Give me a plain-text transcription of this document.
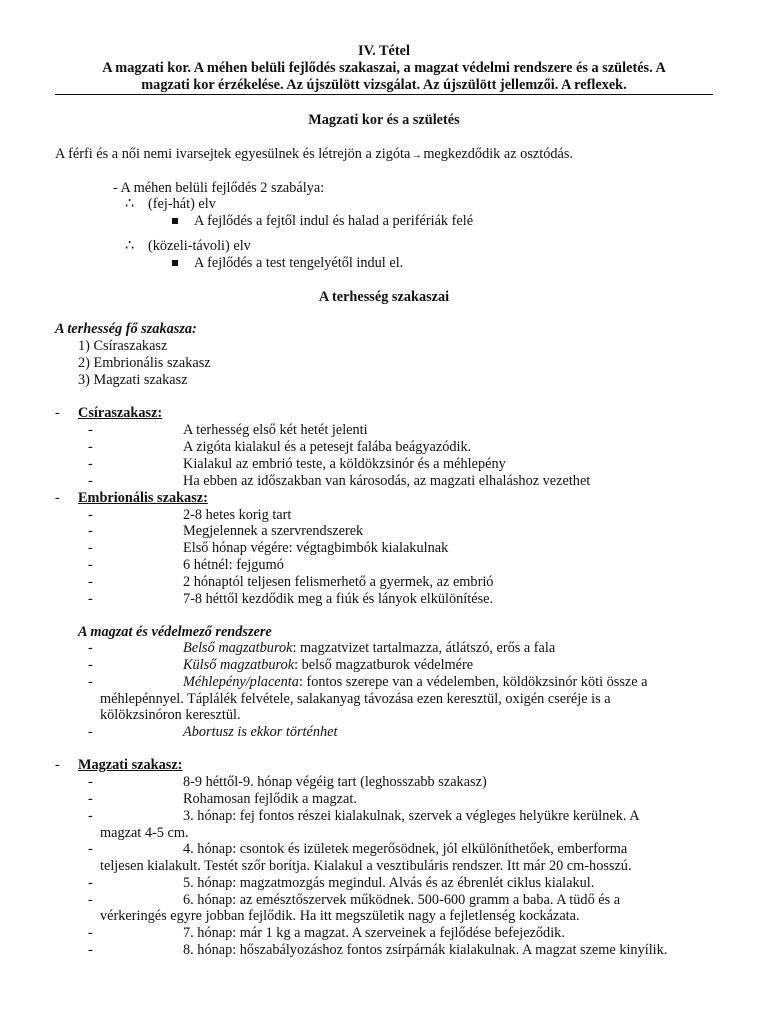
IV. Tétel
A magzati kor. A méhen belüli fejlődés szakaszai, a magzat védelmi rendszere és a születés. A
magzati kor érzékelése. Az újszülött vizsgálat. Az újszülött jellemzői. A reflexek.
Magzati kor és a születés
A férfi és a női nemi ivarsejtek egyesülnek és létrejön a zigóta→megkezdődik az osztódás.
- A méhen belüli fejlődés 2 szabálya:
∴ (fej-hát) elv
A fejlődés a fejtől indul és halad a perifériák felé
∴ (közeli-távoli) elv
A fejlődés a test tengelyétől indul el.
A terhesség szakaszai
A terhesség fő szakasza:
1) Csíraszakasz
2) Embrionális szakasz
3) Magzati szakasz
- Csíraszakasz:
-	A terhesség első két hetét jelenti
-	A zigóta kialakul és a petesejt falába beágyazódik.
-	Kialakul az embrió teste, a köldökzsinór és a méhlepény
-	Ha ebben az időszakban van károsodás, az magzati elhaláshoz vezethet
- Embrionális szakasz:
-	2-8 hetes korig tart
-	Megjelennek a szervrendszerek
-	Első hónap végére: végtagbimbók kialakulnak
-	6 hétnél: fejgumó
-	2 hónaptól teljesen felismerhető a gyermek, az embrió
-	7-8 héttől kezdődik meg a fiúk és lányok elkülönítése.
A magzat és védelmező rendszere
-	Belső magzatburok: magzatvizet tartalmazza, átlátszó, erős a fala
-	Külső magzatburok: belső magzatburok védelmére
-	Méhlepény/placenta: fontos szerepe van a védelemben, köldökzsinór köti össze a
méhlepénnyel. Táplálék felvétele, salakanyag távozása ezen keresztül, oxigén cseréje is a
kölökzsinóron keresztül.
-	Abortusz is ekkor történhet
- Magzati szakasz:
-	8-9 héttől-9. hónap végéig tart (leghosszabb szakasz)
-	Rohamosan fejlődik a magzat.
-	3. hónap: fej fontos részei kialakulnak, szervek a végleges helyükre kerülnek. A
magzat 4-5 cm.
-	4. hónap: csontok és izületek megerősödnek, jól elkülöníthetőek, emberforma
teljesen kialakult. Testét szőr borítja. Kialakul a vesztibuláris rendszer. Itt már 20 cm-hosszú.
-	5. hónap: magzatmozgás megindul. Alvás és az ébrenlét ciklus kialakul.
-	6. hónap: az emésztőszervek működnek. 500-600 gramm a baba. A tüdő és a
vérkeringés egyre jobban fejlődik. Ha itt megszületik nagy a fejletlenség kockázata.
-	7. hónap: már 1 kg a magzat. A szerveinek a fejlődése befejeződik.
-	8. hónap: hőszabályozáshoz fontos zsírpárnák kialakulnak. A magzat szeme kinyílik.
